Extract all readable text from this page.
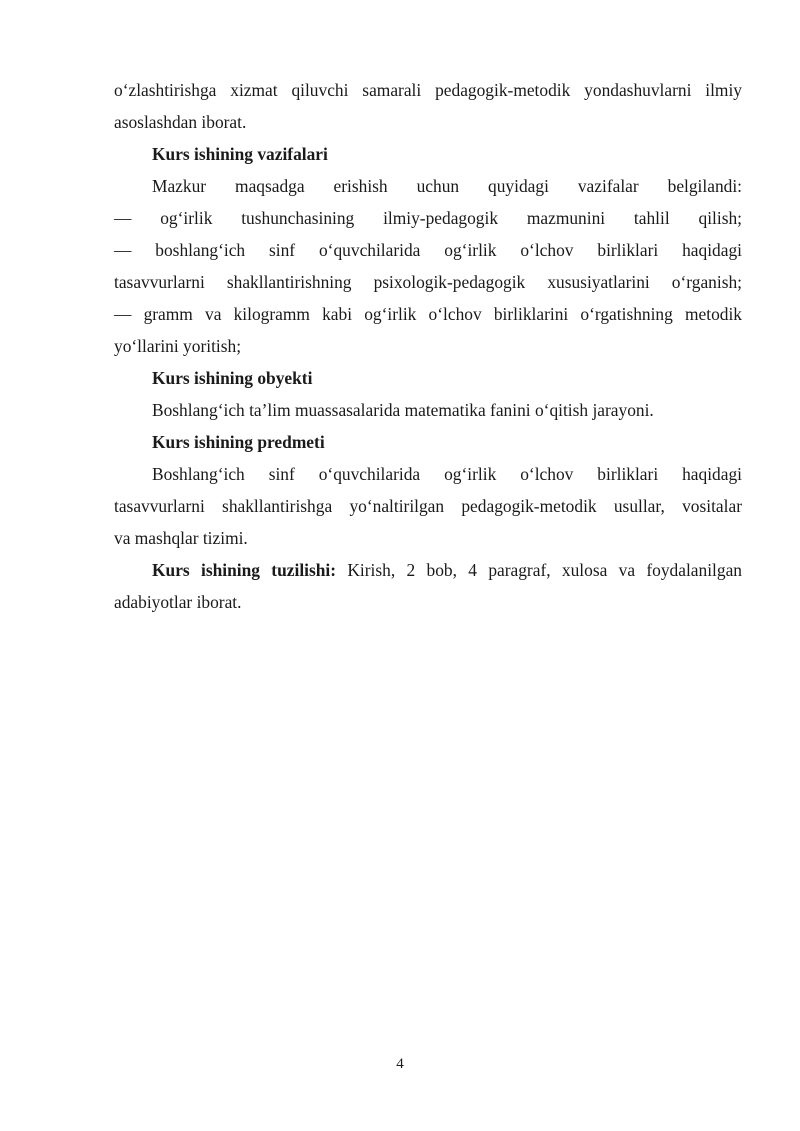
o‘zlashtirishga xizmat qiluvchi samarali pedagogik-metodik yondashuvlarni ilmiy
asoslashdan iborat.

Kurs ishining vazifalari

Mazkur maqsadga erishish uchun quyidagi vazifalar belgilandi:
— og‘irlik tushunchasining ilmiy-pedagogik mazmunini tahlil qilish;
— boshlang‘ich sinf o‘quvchilarida og‘irlik o‘lchov birliklari haqidagi
tasavvurlarni shakllantirishning psixologik-pedagogik xususiyatlarini o‘rganish;
— gramm va kilogramm kabi og‘irlik o‘lchov birliklarini o‘rgatishning metodik
yo‘llarini yoritish;

Kurs ishining obyekti

Boshlang‘ich ta’lim muassasalarida matematika fanini o‘qitish jarayoni.

Kurs ishining predmeti

Boshlang‘ich sinf o‘quvchilarida og‘irlik o‘lchov birliklari haqidagi
tasavvurlarni shakllantirishga yo‘naltirilgan pedagogik-metodik usullar, vositalar
va mashqlar tizimi.
Kurs ishining tuzilishi: Kirish, 2 bob, 4 paragraf, xulosa va foydalanilgan
adabiyotlar iborat.
4
